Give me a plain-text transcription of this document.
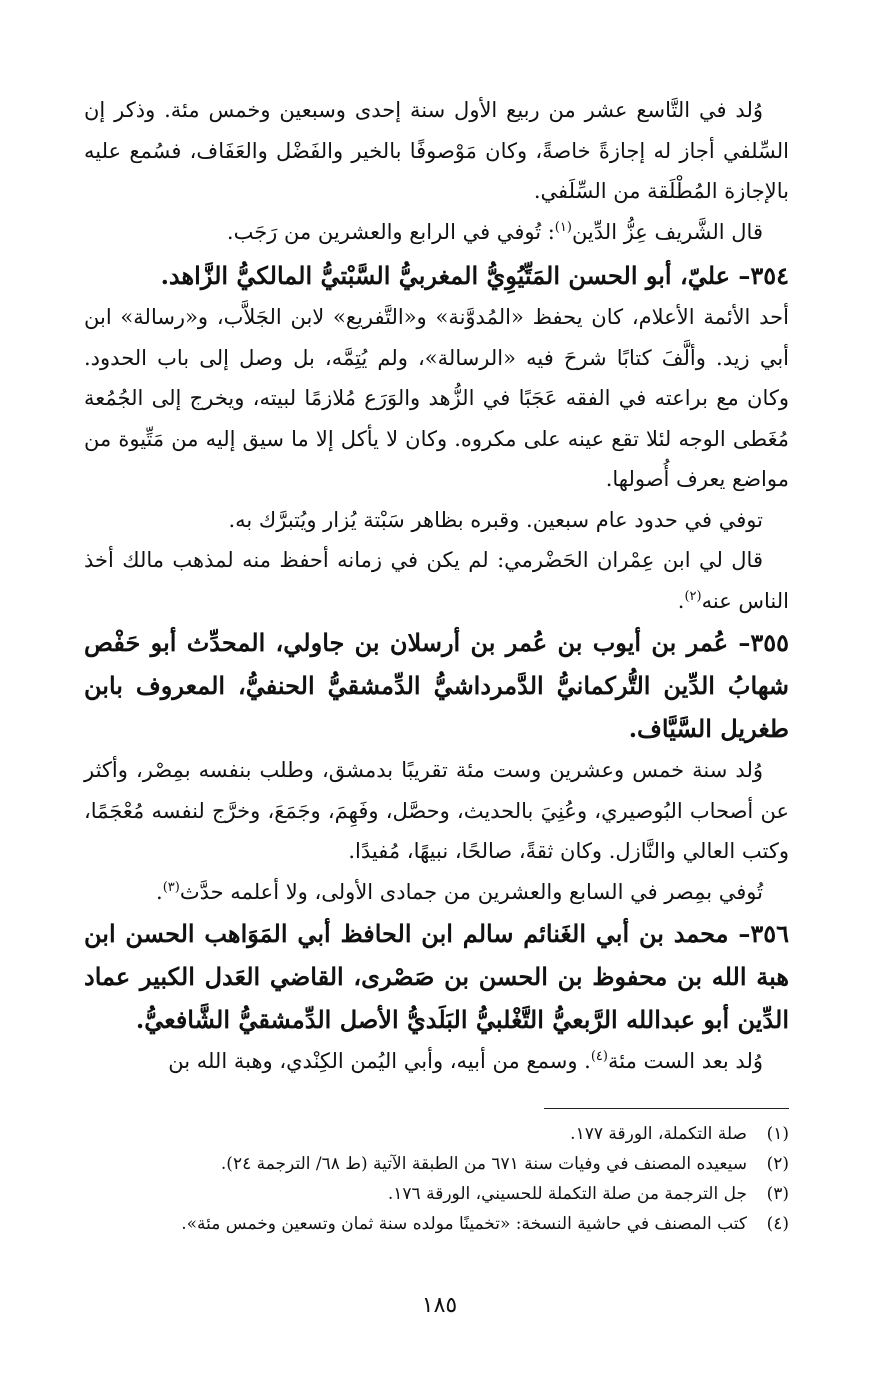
وُلد في التَّاسع عشر من ربيع الأول سنة إحدى وسبعين وخمس مئة. وذكر إن السِّلفي أجاز له إجازةً خاصةً، وكان مَوْصوفًا بالخير والفَضْل والعَفَاف، فسُمع عليه بالإجازة المُطْلَقة من السِّلَفي.

قال الشَّريف عِزُّ الدِّين$^{(١)}$: تُوفي في الرابع والعشرين من رَجَب.

٣٥٤– عليّ، أبو الحسن المَتِّيُوِيُّ المغربيُّ السَّبْتيُّ المالكيُّ الزَّاهد.

أحد الأئمة الأعلام، كان يحفظ «المُدوَّنة» و«التَّفريع» لابن الجَلاَّب، و«رسالة» ابن أبي زيد. وألَّفَ كتابًا شرحَ فيه «الرسالة»، ولم يُتِمَّه، بل وصل إلى باب الحدود. وكان مع براعته في الفقه عَجَبًا في الزُّهد والوَرَع مُلازمًا لبيته، ويخرج إلى الجُمُعة مُغَطى الوجه لئلا تقع عينه على مكروه. وكان لا يأكل إلا ما سيق إليه من مَتِّيوة من مواضع يعرف أُصولها.

توفي في حدود عام سبعين. وقبره بظاهر سَبْتة يُزار ويُتبرَّك به.

قال لي ابن عِمْران الحَضْرمي: لم يكن في زمانه أحفظ منه لمذهب مالك أخذ الناس عنه$^{(٢)}$.

٣٥٥– عُمر بن أيوب بن عُمر بن أرسلان بن جاولي، المحدِّث أبو حَفْص شهابُ الدِّين التُّركمانيُّ الدَّمرداشيُّ الدِّمشقيُّ الحنفيُّ، المعروف بابن طغريل السَّيَّاف.

وُلد سنة خمس وعشرين وست مئة تقريبًا بدمشق، وطلب بنفسه بمِصْر، وأكثر عن أصحاب البُوصيري، وعُنِيَ بالحديث، وحصَّل، وفَهِمَ، وجَمَعَ، وخرَّج لنفسه مُعْجَمًا، وكتب العالي والنَّازل. وكان ثقةً، صالحًا، نبيهًا، مُفيدًا.

تُوفي بمِصر في السابع والعشرين من جمادى الأولى، ولا أعلمه حدَّث$^{(٣)}$.

٣٥٦– محمد بن أبي الغَنائم سالم ابن الحافظ أبي المَوَاهب الحسن ابن هبة الله بن محفوظ بن الحسن بن صَصْرى، القاضي العَدل الكبير عماد الدِّين أبو عبدالله الرَّبعيُّ التَّغْلبيُّ البَلَديُّ الأصل الدِّمشقيُّ الشَّافعيُّ.

وُلد بعد الست مئة$^{(٤)}$. وسمع من أبيه، وأبي اليُمن الكِنْدي، وهبة الله بن

(١)صلة التكملة، الورقة ١٧٧.
(٢)سيعيده المصنف في وفيات سنة ٦٧١ من الطبقة الآتية (ط ٦٨/ الترجمة ٢٤).
(٣)جل الترجمة من صلة التكملة للحسيني، الورقة ١٧٦.
(٤)كتب المصنف في حاشية النسخة: «تخمينًا مولده سنة ثمان وتسعين وخمس مئة».
١٨٥
